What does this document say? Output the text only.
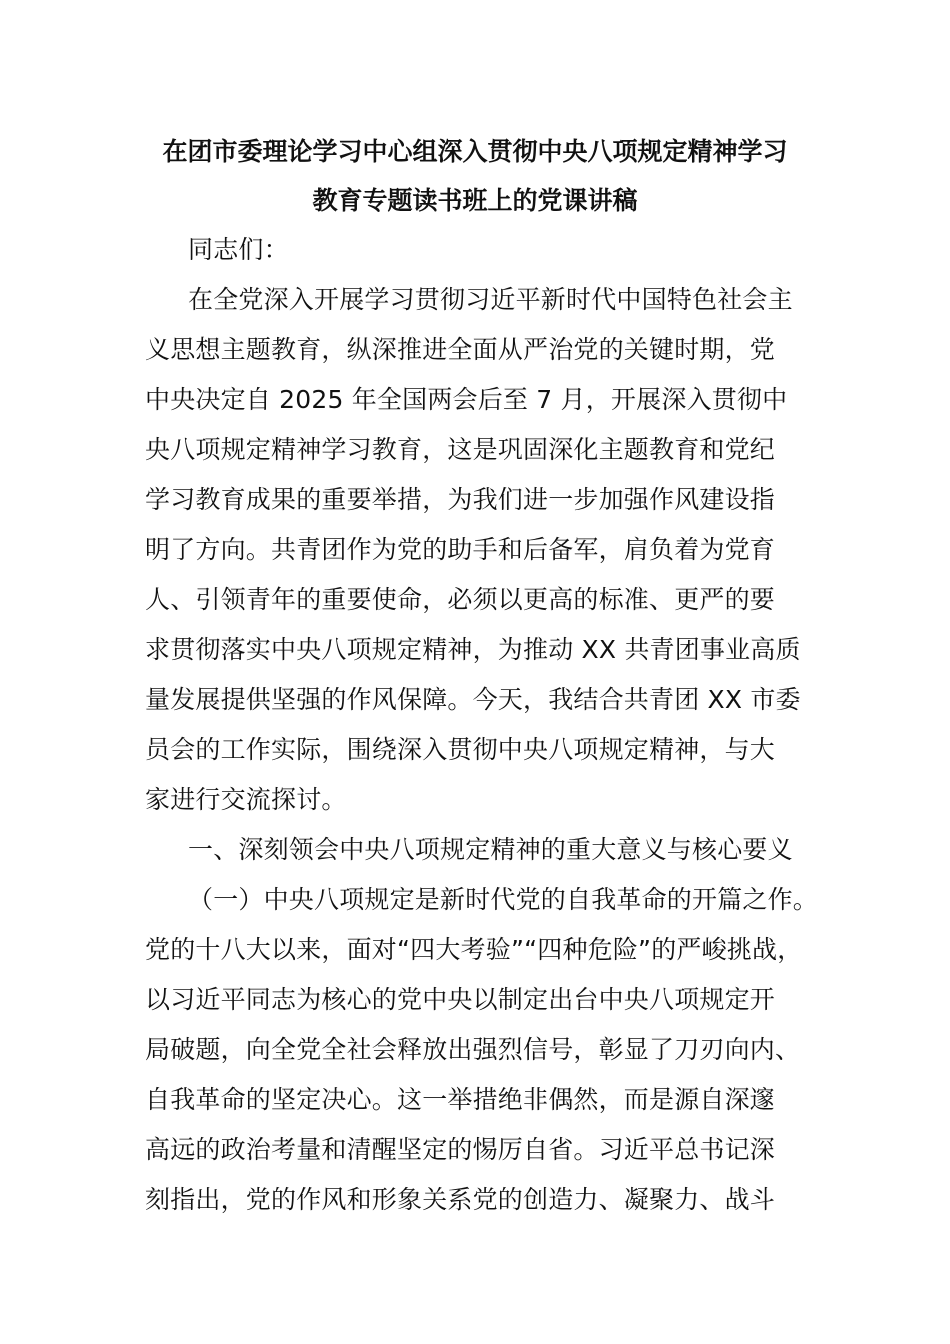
在团市委理论学习中心组深入贯彻中央八项规定精神学习
教育专题读书班上的党课讲稿
同志们：
在全党深入开展学习贯彻习近平新时代中国特色社会主
义思想主题教育，纵深推进全面从严治党的关键时期，党
中央决定自 2025 年全国两会后至 7 月，开展深入贯彻中
央八项规定精神学习教育，这是巩固深化主题教育和党纪
学习教育成果的重要举措，为我们进一步加强作风建设指
明了方向。共青团作为党的助手和后备军，肩负着为党育
人、引领青年的重要使命，必须以更高的标准、更严的要
求贯彻落实中央八项规定精神，为推动 XX 共青团事业高质
量发展提供坚强的作风保障。今天，我结合共青团 XX 市委
员会的工作实际，围绕深入贯彻中央八项规定精神，与大
家进行交流探讨。
一、深刻领会中央八项规定精神的重大意义与核心要义
（一）中央八项规定是新时代党的自我革命的开篇之作。
党的十八大以来，面对“四大考验”“四种危险”的严峻挑战，
以习近平同志为核心的党中央以制定出台中央八项规定开
局破题，向全党全社会释放出强烈信号，彰显了刀刃向内、
自我革命的坚定决心。这一举措绝非偶然，而是源自深邃
高远的政治考量和清醒坚定的惕厉自省。习近平总书记深
刻指出，党的作风和形象关系党的创造力、凝聚力、战斗
